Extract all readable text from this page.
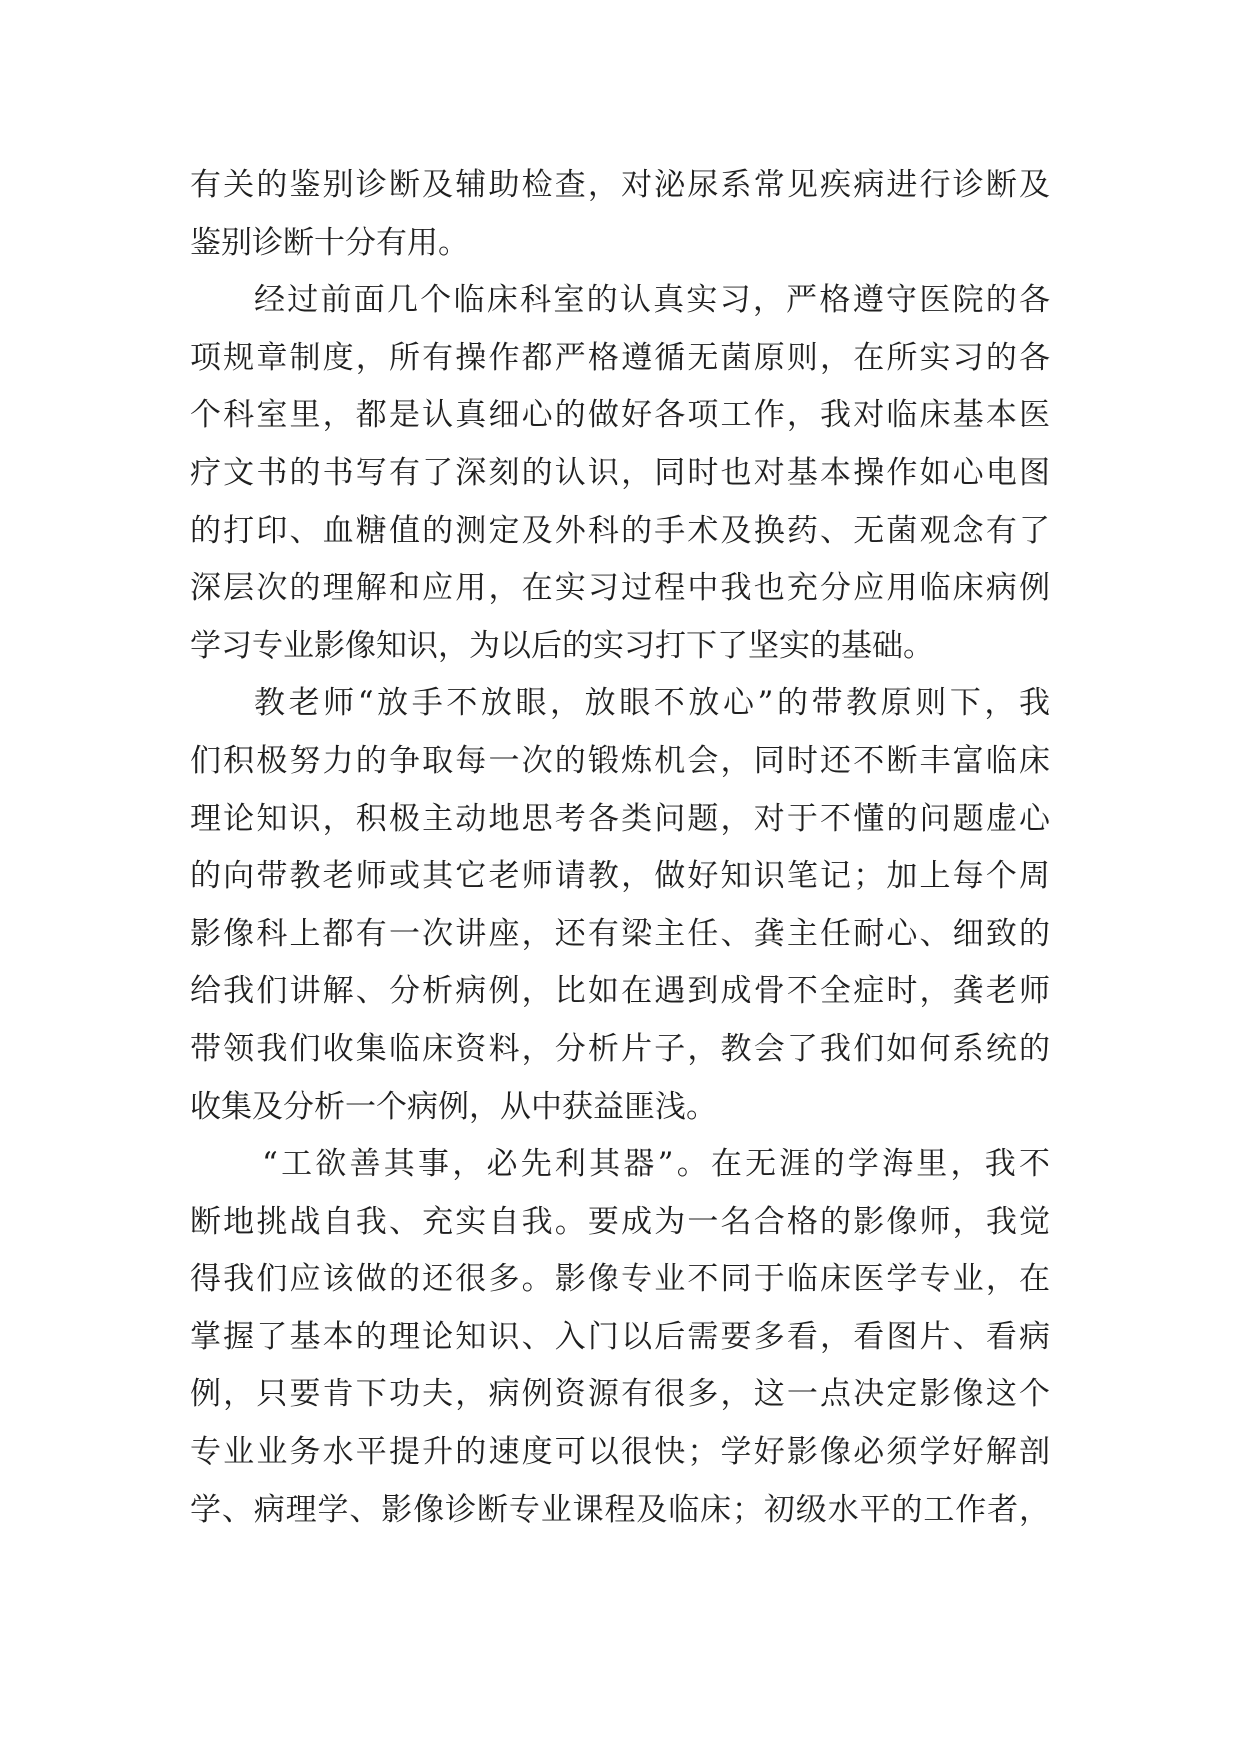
有关的鉴别诊断及辅助检查，对泌尿系常见疾病进行诊断及
鉴别诊断十分有用。
经过前面几个临床科室的认真实习，严格遵守医院的各
项规章制度，所有操作都严格遵循无菌原则，在所实习的各
个科室里，都是认真细心的做好各项工作，我对临床基本医
疗文书的书写有了深刻的认识，同时也对基本操作如心电图
的打印、血糖值的测定及外科的手术及换药、无菌观念有了
深层次的理解和应用，在实习过程中我也充分应用临床病例
学习专业影像知识，为以后的实习打下了坚实的基础。
教老师“放手不放眼，放眼不放心”的带教原则下，我
们积极努力的争取每一次的锻炼机会，同时还不断丰富临床
理论知识，积极主动地思考各类问题，对于不懂的问题虚心
的向带教老师或其它老师请教，做好知识笔记；加上每个周
影像科上都有一次讲座，还有梁主任、龚主任耐心、细致的
给我们讲解、分析病例，比如在遇到成骨不全症时，龚老师
带领我们收集临床资料，分析片子，教会了我们如何系统的
收集及分析一个病例，从中获益匪浅。
“工欲善其事，必先利其器”。在无涯的学海里，我不
断地挑战自我、充实自我。要成为一名合格的影像师，我觉
得我们应该做的还很多。影像专业不同于临床医学专业，在
掌握了基本的理论知识、入门以后需要多看，看图片、看病
例，只要肯下功夫，病例资源有很多，这一点决定影像这个
专业业务水平提升的速度可以很快；学好影像必须学好解剖
学、病理学、影像诊断专业课程及临床；初级水平的工作者，
